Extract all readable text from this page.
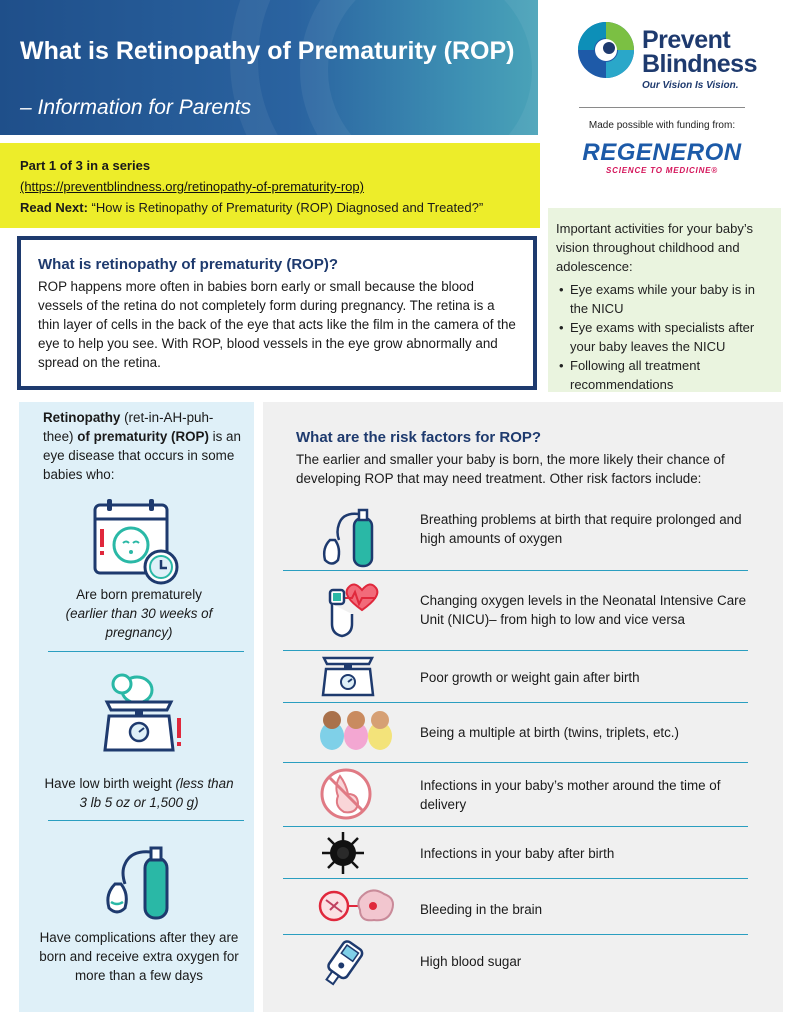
What is Retinopathy of Prematurity (ROP)
– Information for Parents
Prevent
Blindness
Our Vision Is Vision.
Made possible with funding from:
REGENERON
SCIENCE TO MEDICINE®
Part 1 of 3 in a series
(https://preventblindness.org/retinopathy-of-prematurity-rop)
Read Next: “How is Retinopathy of Prematurity (ROP) Diagnosed and Treated?”
Important activities for your baby’s vision throughout childhood and adolescence:
• Eye exams while your baby is in the NICU
• Eye exams with specialists after your baby leaves the NICU
• Following all treatment recommendations
What is retinopathy of prematurity (ROP)?

ROP happens more often in babies born early or small because the blood vessels of the retina do not completely form during pregnancy. The retina is a thin layer of cells in the back of the eye that acts like the film in the camera of the eye to help you see. With ROP, blood vessels in the eye grow abnormally and spread on the retina.

Retinopathy (ret-in-AH-puh-thee) of prematurity (ROP) is an eye disease that occurs in some babies who:
Are born prematurely
(earlier than 30 weeks of pregnancy)
Have low birth weight (less than 3 lb 5 oz or 1,500 g)
Have complications after they are born and receive extra oxygen for more than a few days
What are the risk factors for ROP?
The earlier and smaller your baby is born, the more likely their chance of developing ROP that may need treatment. Other risk factors include:
Breathing problems at birth that require prolonged and high amounts of oxygen
Changing oxygen levels in the Neonatal Intensive Care Unit (NICU)– from high to low and vice versa
Poor growth or weight gain after birth
Being a multiple at birth (twins, triplets, etc.)
Infections in your baby’s mother around the time of delivery
Infections in your baby after birth
Bleeding in the brain
High blood sugar
